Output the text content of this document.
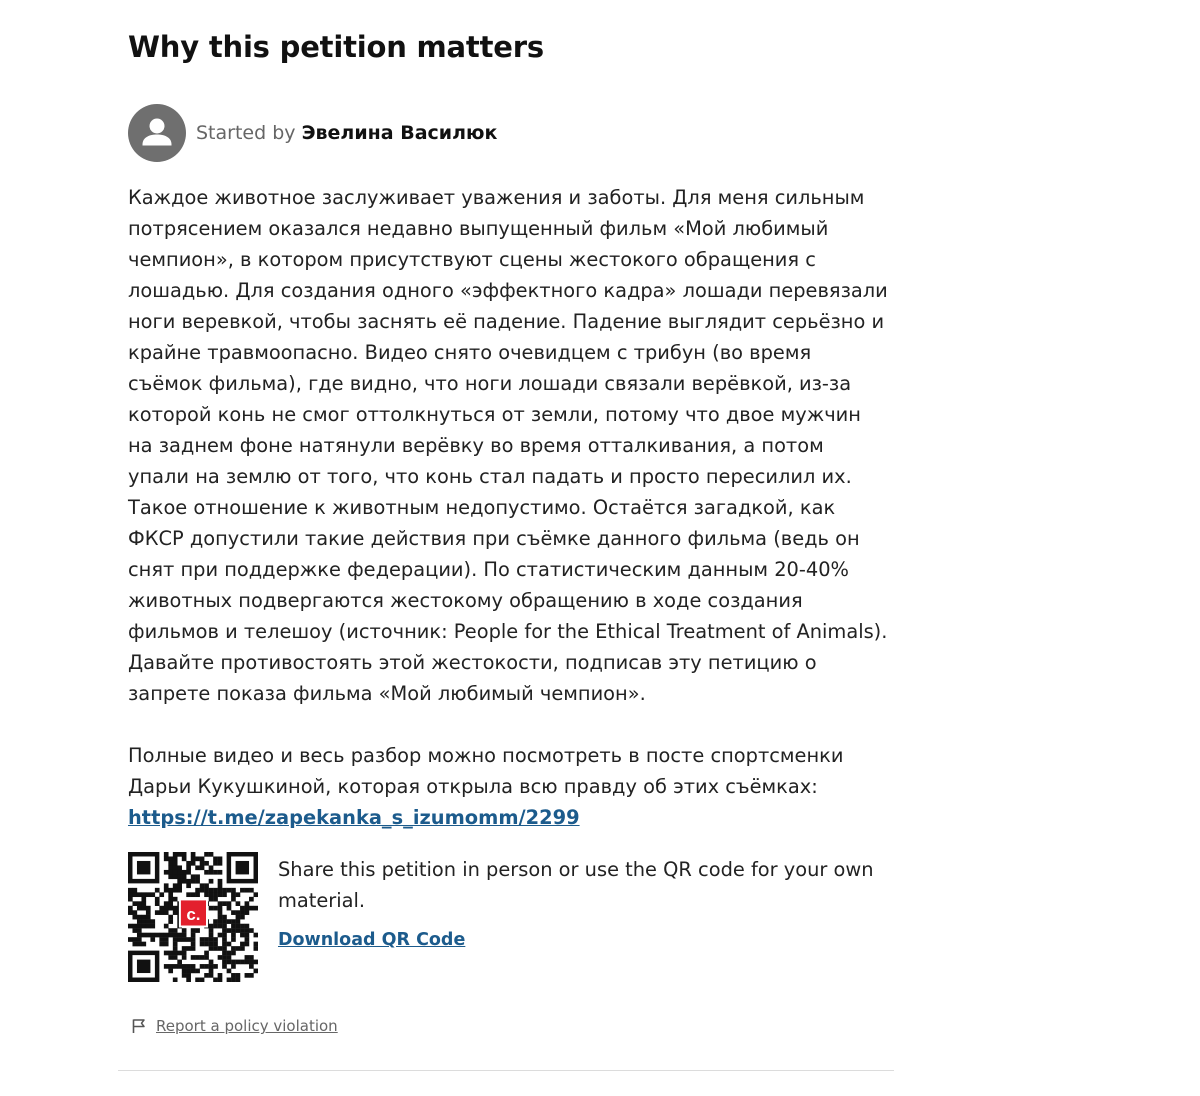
Why this petition matters
Started by Эвелина Василюк

Каждое животное заслуживает уважения и заботы. Для меня сильным потрясением оказался недавно выпущенный фильм «Мой любимый чемпион», в котором присутствуют сцены жестокого обращения с лошадью. Для создания одного «эффектного кадра» лошади перевязали ноги веревкой, чтобы заснять её падение. Падение выглядит серьёзно и крайне травмоопасно. Видео снято очевидцем с трибун (во время съёмок фильма), где видно, что ноги лошади связали верёвкой, из-за которой конь не смог оттолкнуться от земли, потому что двое мужчин на заднем фоне натянули верёвку во время отталкивания, а потом упали на землю от того, что конь стал падать и просто пересилил их. Такое отношение к животным недопустимо. Остаётся загадкой, как ФКСР допустили такие действия при съёмке данного фильма (ведь он снят при поддержке федерации). По статистическим данным 20-40% животных подвергаются жестокому обращению в ходе создания фильмов и телешоу (источник: People for the Ethical Treatment of Animals). Давайте противостоять этой жестокости, подписав эту петицию о запрете показа фильма «Мой любимый чемпион».

Полные видео и весь разбор можно посмотреть в посте спортсменки Дарьи Кукушкиной, которая открыла всю правду об этих съёмках: https://t.me/zapekanka_s_izumomm/2299

c.
Share this petition in person or use the QR code for your own material.
Download QR Code
Report a policy violation
